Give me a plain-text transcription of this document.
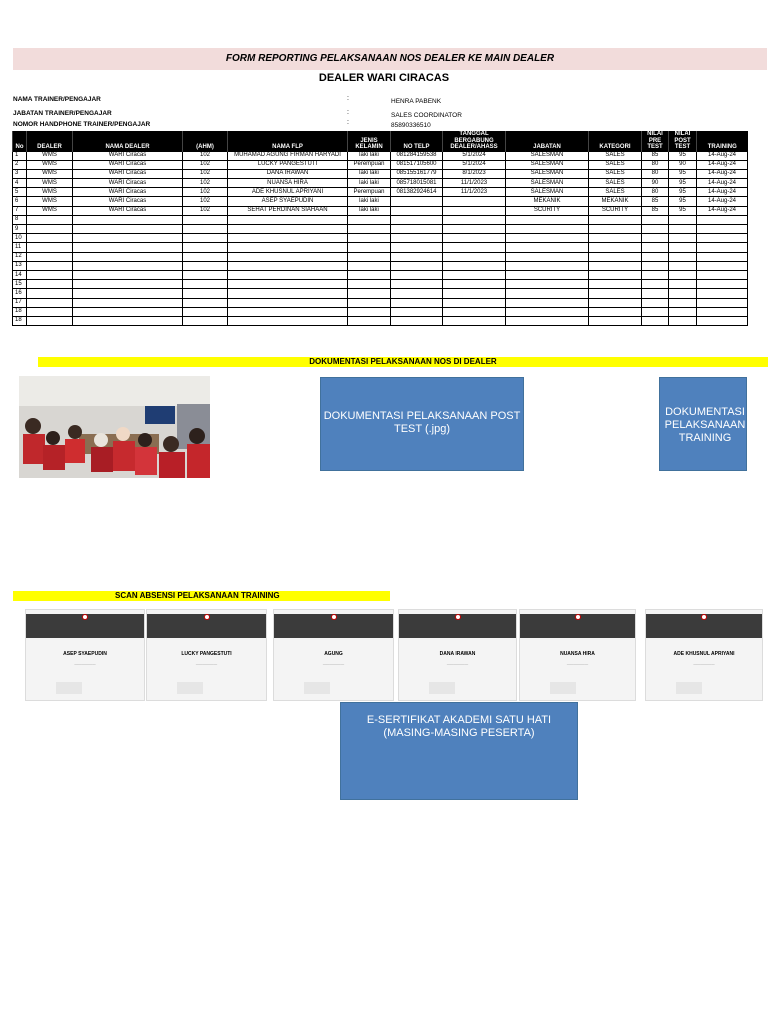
FORM REPORTING PELAKSANAAN NOS DEALER KE MAIN DEALER
DEALER WARI CIRACAS
NAMA TRAINER/PENGAJAR	:	HENRA PABENK
JABATAN TRAINER/PENGAJAR	:	SALES COORDINATOR
NOMOR HANDPHONE TRAINER/PENGAJAR	:	85890336510
No	DEALER	NAMA DEALER	(AHM)	NAMA FLP	JENIS KELAMIN	NO TELP	TANGGAL BERGABUNG DEALER/AHASS	JABATAN	KATEGORI	NILAI PRE TEST	NILAI POST TEST	TRAINING
1	WMS	WARI Ciracas	102	MUHAMAD AGUNG FIRMAN HARYADI	laki laki	081284159538	5/1/2024	SALESMAN	SALES	85	95	14-Aug-24
2	WMS	WARI Ciracas	102	LUCKY PANGESTUTI	Perempuan	081517105600	5/1/2024	SALESMAN	SALES	80	90	14-Aug-24
3	WMS	WARI Ciracas	102	DANA IRAWAN	laki laki	085155161779	8/1/2023	SALESMAN	SALES	80	95	14-Aug-24
4	WMS	WARI Ciracas	102	NUANSA HIRA	laki laki	085718015081	11/1/2023	SALESMAN	SALES	90	95	14-Aug-24
5	WMS	WARI Ciracas	102	ADE KHUSNUL APRIYANI	Perempuan	081382924614	11/1/2023	SALESMAN	SALES	80	95	14-Aug-24
6	WMS	WARI Ciracas	102	ASEP SYAEPUDIN	laki laki			MEKANIK	MEKANIK	85	95	14-Aug-24
7	WMS	WARI Ciracas	102	SEHAT PERDINAN SIAHAAN	laki laki			SCURITY	SCURITY	85	95	14-Aug-24
8												
9												
10												
11												
12												
13												
14												
15												
16												
17												
18												
18												
DOKUMENTASI PELAKSANAAN NOS DI DEALER
DOKUMENTASI PELAKSANAAN POST TEST (.jpg)
DOKUMENTASI PELAKSANAAN TRAINING
SCAN ABSENSI PELAKSANAAN TRAINING
ASEP SYAEPUDIN
────────────
LUCKY PANGESTUTI
────────────
AGUNG
────────────
DANA IRAWAN
────────────
NUANSA HIRA
────────────
ADE KHUSNUL APRIYANI
────────────
E-SERTIFIKAT AKADEMI SATU HATI (MASING-MASING PESERTA)
